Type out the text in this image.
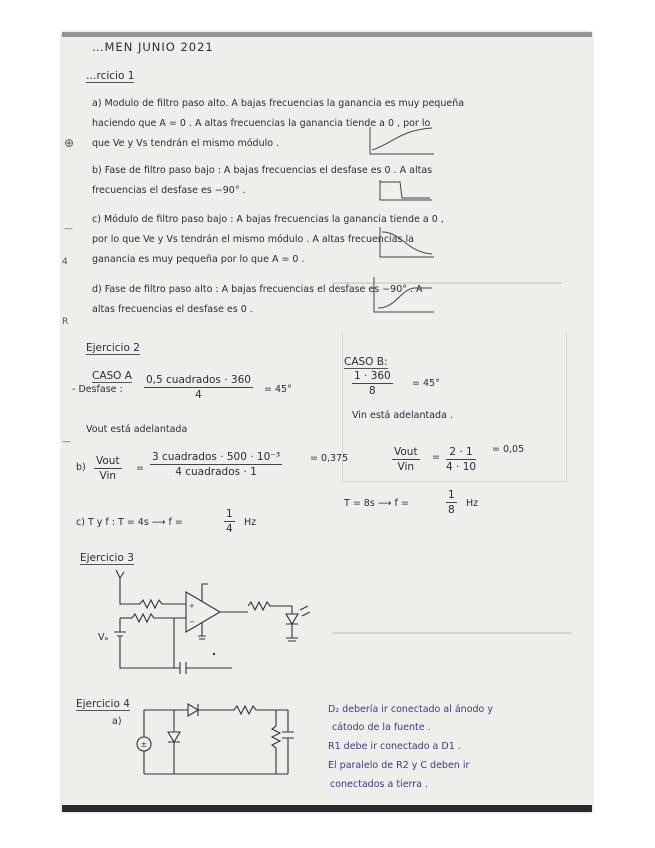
⊕
—
4
R
—
…MEN JUNIO 2021
…rcicio 1
a) Modulo de filtro paso alto. A bajas frecuencias la ganancia es muy pequeña
haciendo que A = 0 . A altas frecuencias la ganancia tiende a 0 , por lo
que Ve y Vs tendrán el mismo módulo .
b) Fase de filtro paso bajo : A bajas frecuencias el desfase es 0 . A altas
frecuencias el desfase es −90° .
c) Módulo de filtro paso bajo : A bajas frecuencias la ganancia tiende a 0 ,
por lo que Ve y Vs tendrán el mismo módulo . A altas frecuencias la
ganancia es muy pequeña por lo que A = 0 .
d) Fase de filtro paso alto : A bajas frecuencias el desfase es −90° . A
altas frecuencias el desfase es 0 .
Ejercicio 2
CASO A
CASO B:
- Desfase :
0,5 cuadrados · 360
4	= 45°	$\frac{1 \cdot 360}{8} = 45^\circ$
Vout está adelantada
Vin está adelantada .
b)
Vout
Vin
=
3 cuadrados · 500 · 10⁻³
4 cuadrados · 1
= 0,375
Vout
Vin
= $\frac{2 \cdot 1}{4 \cdot 10} = 0,05$
c) T y f : T = 4s ⟶ f =	$\frac{1}{4}$ Hz
T = 8s ⟶ f =	$\frac{1}{8}$ Hz
Ejercicio 3
Vₐ
+
−
Ejercicio 4
a)
±
D₂ debería ir conectado al ánodo y
cátodo de la fuente .
R1 debe ir conectado a D1 .
El paralelo de R2 y C deben ir
conectados a tierra .
